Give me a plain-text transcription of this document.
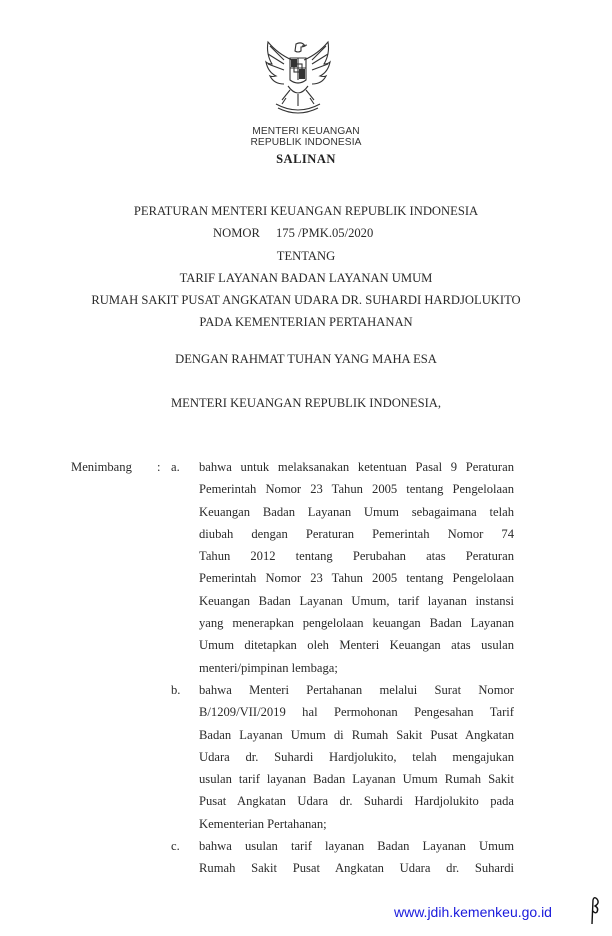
MENTERI KEUANGAN
REPUBLIK INDONESIA
SALINAN
PERATURAN MENTERI KEUANGAN REPUBLIK INDONESIA
NOMOR 175 /PMK.05/2020
TENTANG
TARIF LAYANAN BADAN LAYANAN UMUM
RUMAH SAKIT PUSAT ANGKATAN UDARA DR. SUHARDI HARDJOLUKITO
PADA KEMENTERIAN PERTAHANAN
DENGAN RAHMAT TUHAN YANG MAHA ESA
MENTERI KEUANGAN REPUBLIK INDONESIA,
Menimbang : a. bahwa untuk melaksanakan ketentuan Pasal 9 Peraturan
Pemerintah Nomor 23 Tahun 2005 tentang Pengelolaan
Keuangan Badan Layanan Umum sebagaimana telah
diubah dengan Peraturan Pemerintah Nomor 74
Tahun 2012 tentang Perubahan atas Peraturan
Pemerintah Nomor 23 Tahun 2005 tentang Pengelolaan
Keuangan Badan Layanan Umum, tarif layanan instansi
yang menerapkan pengelolaan keuangan Badan Layanan
Umum ditetapkan oleh Menteri Keuangan atas usulan
menteri/pimpinan lembaga;
b. bahwa Menteri Pertahanan melalui Surat Nomor
B/1209/VII/2019 hal Permohonan Pengesahan Tarif
Badan Layanan Umum di Rumah Sakit Pusat Angkatan
Udara dr. Suhardi Hardjolukito, telah mengajukan
usulan tarif layanan Badan Layanan Umum Rumah Sakit
Pusat Angkatan Udara dr. Suhardi Hardjolukito pada
Kementerian Pertahanan;
c. bahwa usulan tarif layanan Badan Layanan Umum
Rumah Sakit Pusat Angkatan Udara dr. Suhardi
www.jdih.kemenkeu.go.id
